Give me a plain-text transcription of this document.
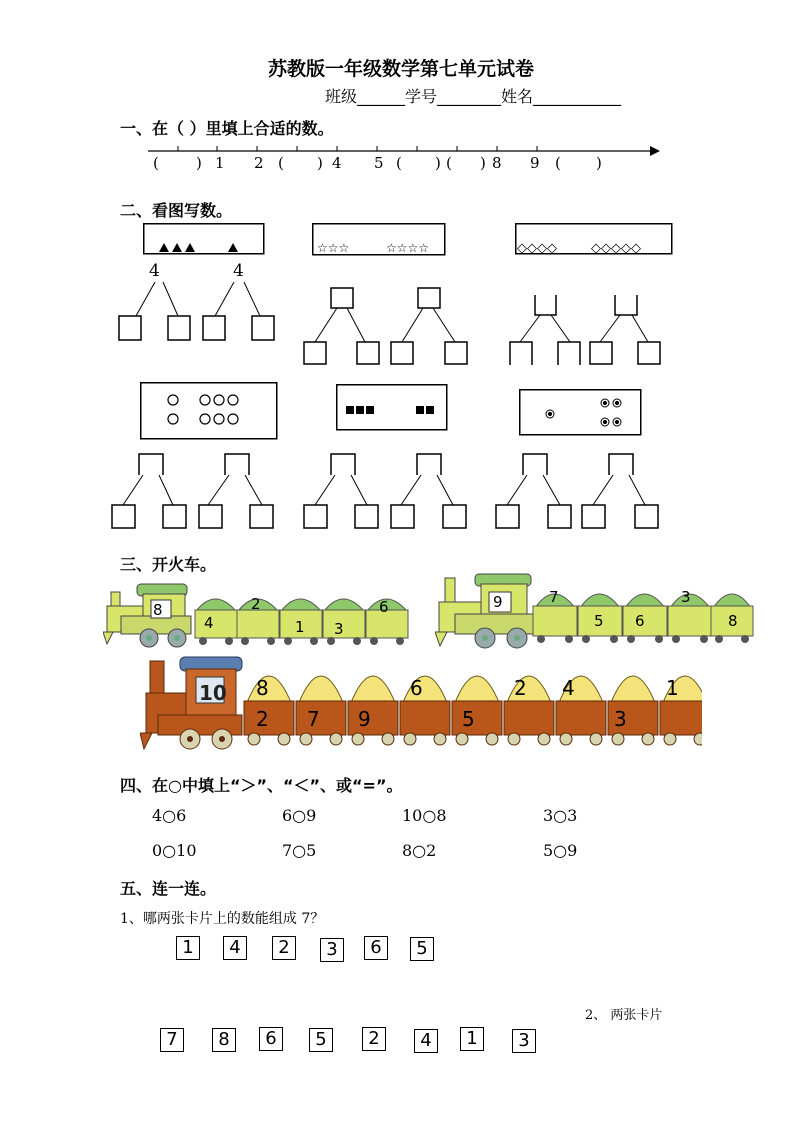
苏教版一年级数学第七单元试卷
班级______学号________姓名___________
一、在（ ）里填上合适的数。
( ) 1 2 ( ) 4 5 ( ) ( ) 8 9 ( )
二、看图写数。
☆☆☆	☆☆☆☆	◇◇◇◇	◇◇◇◇◇
4	4
三、开火车。
8
4
2
1 3
6	9	7
5 6
3
8
10 8	6	2 4	1
2 7 9	5	3
四、在○中填上“＞”、“＜”、或“=”。
4○6	6○9	10○8	3○3
0○10	7○5	8○2	5○9
五、连一连。
1、哪两张卡片上的数能组成 7？
1	4	2	3	6	5
2、 两张卡片
7	8	6	5	2	4	1	3
